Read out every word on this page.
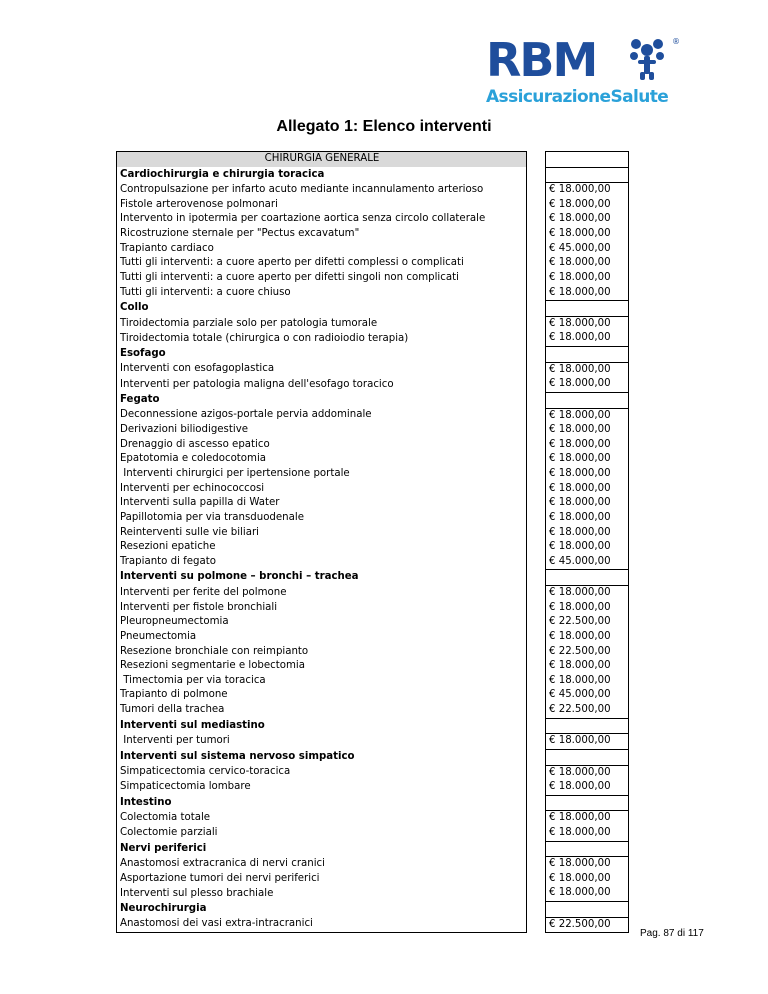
RBM	®
AssicurazioneSalute
Allegato 1: Elenco interventi
CHIRURGIA GENERALE		
Cardiochirurgia e chirurgia toracica		
Contropulsazione per infarto acuto mediante incannulamento arterioso		€ 18.000,00
Fistole arterovenose polmonari		€ 18.000,00
Intervento in ipotermia per coartazione aortica senza circolo collaterale		€ 18.000,00
Ricostruzione sternale per "Pectus excavatum"		€ 18.000,00
Trapianto cardiaco		€ 45.000,00
Tutti gli interventi: a cuore aperto per difetti complessi o complicati		€ 18.000,00
Tutti gli interventi: a cuore aperto per difetti singoli non complicati		€ 18.000,00
Tutti gli interventi: a cuore chiuso		€ 18.000,00
Collo		
Tiroidectomia parziale solo per patologia tumorale		€ 18.000,00
Tiroidectomia totale (chirurgica o con radioiodio terapia)		€ 18.000,00
Esofago		
Interventi con esofagoplastica		€ 18.000,00
Interventi per patologia maligna dell'esofago toracico		€ 18.000,00
Fegato		
Deconnessione azigos-portale pervia addominale		€ 18.000,00
Derivazioni biliodigestive		€ 18.000,00
Drenaggio di ascesso epatico		€ 18.000,00
Epatotomia e coledocotomia		€ 18.000,00
Interventi chirurgici per ipertensione portale		€ 18.000,00
Interventi per echinococcosi		€ 18.000,00
Interventi sulla papilla di Water		€ 18.000,00
Papillotomia per via transduodenale		€ 18.000,00
Reinterventi sulle vie biliari		€ 18.000,00
Resezioni epatiche		€ 18.000,00
Trapianto di fegato		€ 45.000,00
Interventi su polmone – bronchi – trachea		
Interventi per ferite del polmone		€ 18.000,00
Interventi per fistole bronchiali		€ 18.000,00
Pleuropneumectomia		€ 22.500,00
Pneumectomia		€ 18.000,00
Resezione bronchiale con reimpianto		€ 22.500,00
Resezioni segmentarie e lobectomia		€ 18.000,00
Timectomia per via toracica		€ 18.000,00
Trapianto di polmone		€ 45.000,00
Tumori della trachea		€ 22.500,00
Interventi sul mediastino		
Interventi per tumori		€ 18.000,00
Interventi sul sistema nervoso simpatico		
Simpaticectomia cervico-toracica		€ 18.000,00
Simpaticectomia lombare		€ 18.000,00
Intestino		
Colectomia totale		€ 18.000,00
Colectomie parziali		€ 18.000,00
Nervi periferici		
Anastomosi extracranica di nervi cranici		€ 18.000,00
Asportazione tumori dei nervi periferici		€ 18.000,00
Interventi sul plesso brachiale		€ 18.000,00
Neurochirurgia		
Anastomosi dei vasi extra-intracranici		€ 22.500,00
Pag. 87 di 117
